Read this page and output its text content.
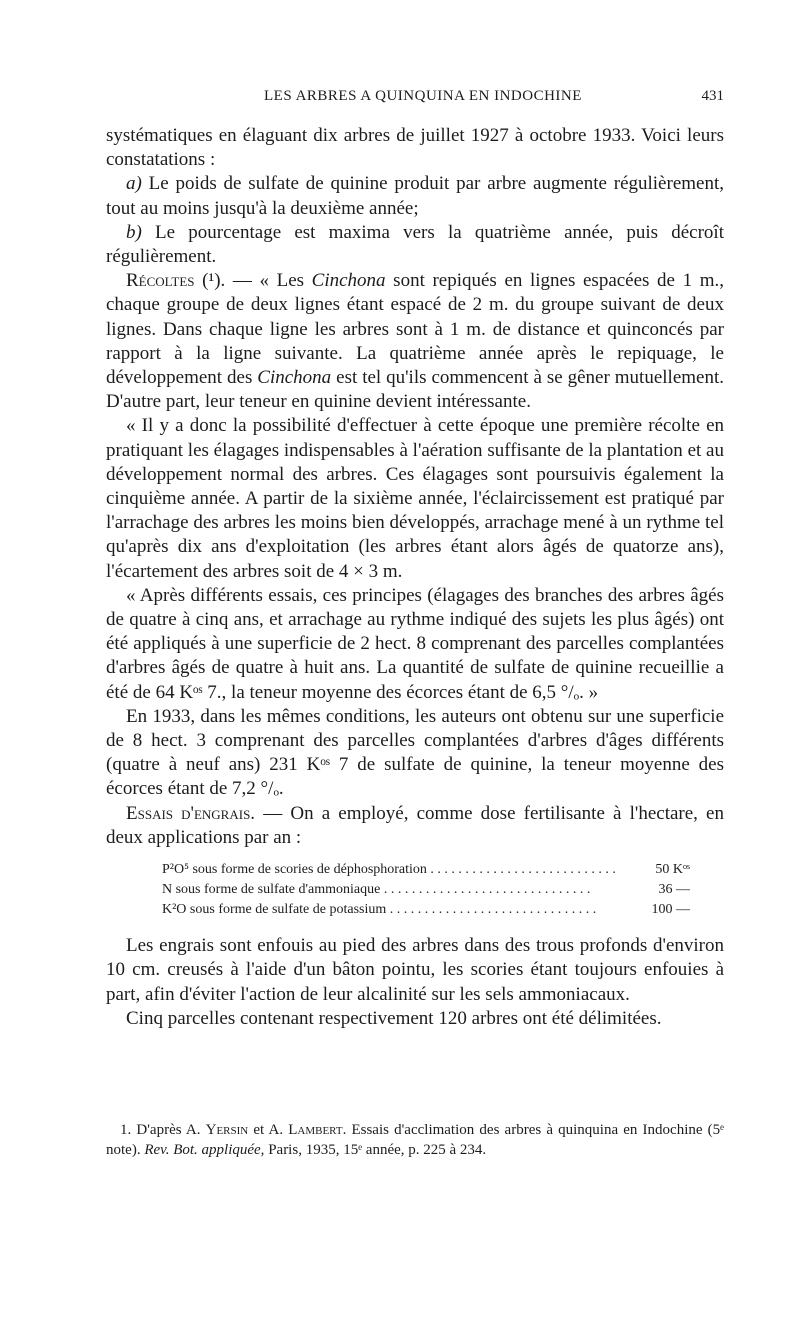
LES ARBRES A QUINQUINA EN INDOCHINE	431

systématiques en élaguant dix arbres de juillet 1927 à octobre 1933. Voici leurs constatations :

a) Le poids de sulfate de quinine produit par arbre augmente régulièrement, tout au moins jusqu'à la deuxième année;

b) Le pourcentage est maxima vers la quatrième année, puis décroît régulièrement.

Récoltes (¹). — « Les Cinchona sont repiqués en lignes espacées de 1 m., chaque groupe de deux lignes étant espacé de 2 m. du groupe suivant de deux lignes. Dans chaque ligne les arbres sont à 1 m. de distance et quinconcés par rapport à la ligne suivante. La quatrième année après le repiquage, le développement des Cinchona est tel qu'ils commencent à se gêner mutuellement. D'autre part, leur teneur en quinine devient intéressante.

« Il y a donc la possibilité d'effectuer à cette époque une première récolte en pratiquant les élagages indispensables à l'aération suffisante de la plantation et au développement normal des arbres. Ces élagages sont poursuivis également la cinquième année. A partir de la sixième année, l'éclaircissement est pratiqué par l'arrachage des arbres les moins bien développés, arrachage mené à un rythme tel qu'après dix ans d'exploitation (les arbres étant alors âgés de quatorze ans), l'écartement des arbres soit de 4 × 3 m.

« Après différents essais, ces principes (élagages des branches des arbres âgés de quatre à cinq ans, et arrachage au rythme indiqué des sujets les plus âgés) ont été appliqués à une superficie de 2 hect. 8 comprenant des parcelles complantées d'arbres âgés de quatre à huit ans. La quantité de sulfate de quinine recueillie a été de 64 Kᵒˢ 7., la teneur moyenne des écorces étant de 6,5 °/ₒ. »

En 1933, dans les mêmes conditions, les auteurs ont obtenu sur une superficie de 8 hect. 3 comprenant des parcelles complantées d'arbres d'âges différents (quatre à neuf ans) 231 Kᵒˢ 7 de sulfate de quinine, la teneur moyenne des écorces étant de 7,2 °/ₒ.

Essais d'engrais. — On a employé, comme dose fertilisante à l'hectare, en deux applications par an :

P²O⁵ sous forme de scories de déphosphoration . . .	50 Kᵒˢ
N sous forme de sulfate d'ammoniaque . . .	36 —
K²O sous forme de sulfate de potassium . . .	100 —

Les engrais sont enfouis au pied des arbres dans des trous profonds d'environ 10 cm. creusés à l'aide d'un bâton pointu, les scories étant toujours enfouies à part, afin d'éviter l'action de leur alcalinité sur les sels ammoniacaux.

Cinq parcelles contenant respectivement 120 arbres ont été délimitées.

1. D'après A. Yersin et A. Lambert. Essais d'acclimation des arbres à quinquina en Indochine (5ᵉ note). Rev. Bot. appliquée, Paris, 1935, 15ᵉ année, p. 225 à 234.
